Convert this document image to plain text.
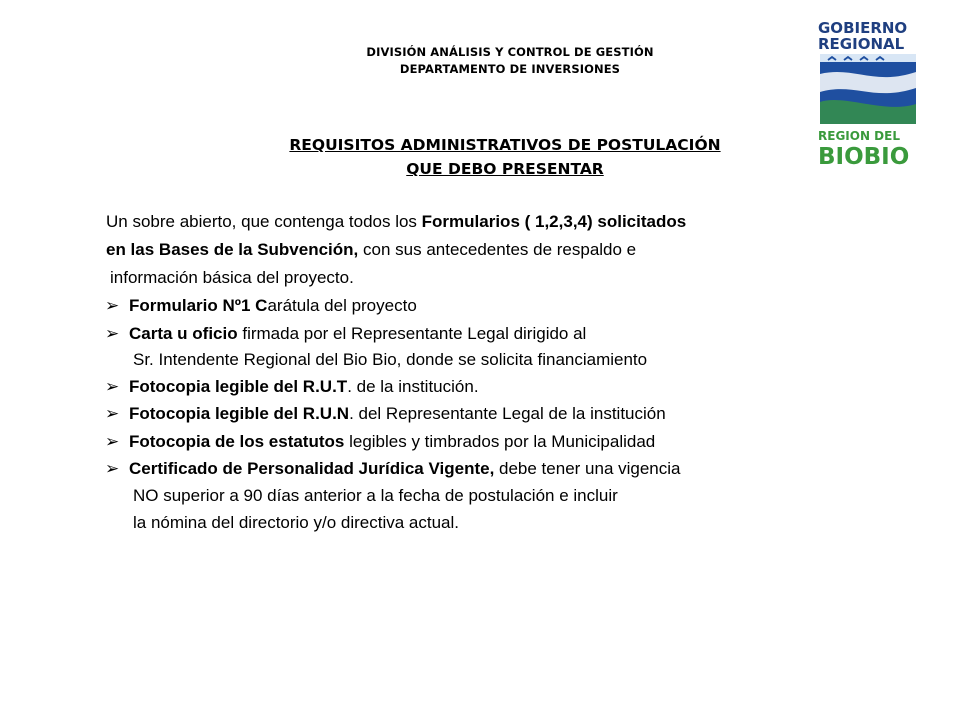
DIVISIÓN ANÁLISIS Y CONTROL DE GESTIÓN
DEPARTAMENTO DE INVERSIONES
GOBIERNO
REGIONAL
REGION DEL
BIOBIO
REQUISITOS ADMINISTRATIVOS DE POSTULACIÓN
QUE DEBO PRESENTAR
Un sobre abierto, que contenga todos los Formularios ( 1,2,3,4) solicitados
en las Bases de la Subvención, con sus antecedentes de respaldo e
información básica del proyecto.
➢ Formulario Nº1 Carátula del proyecto
➢ Carta u oficio firmada por el Representante Legal dirigido al
Sr. Intendente Regional del Bio Bio, donde se solicita financiamiento
➢ Fotocopia legible del R.U.T. de la institución.
➢ Fotocopia legible del R.U.N. del Representante Legal de la institución
➢ Fotocopia de los estatutos legibles y timbrados por la Municipalidad
➢ Certificado de Personalidad Jurídica Vigente, debe tener una vigencia
NO superior a 90 días anterior a la fecha de postulación e incluir
la nómina del directorio y/o directiva actual.
